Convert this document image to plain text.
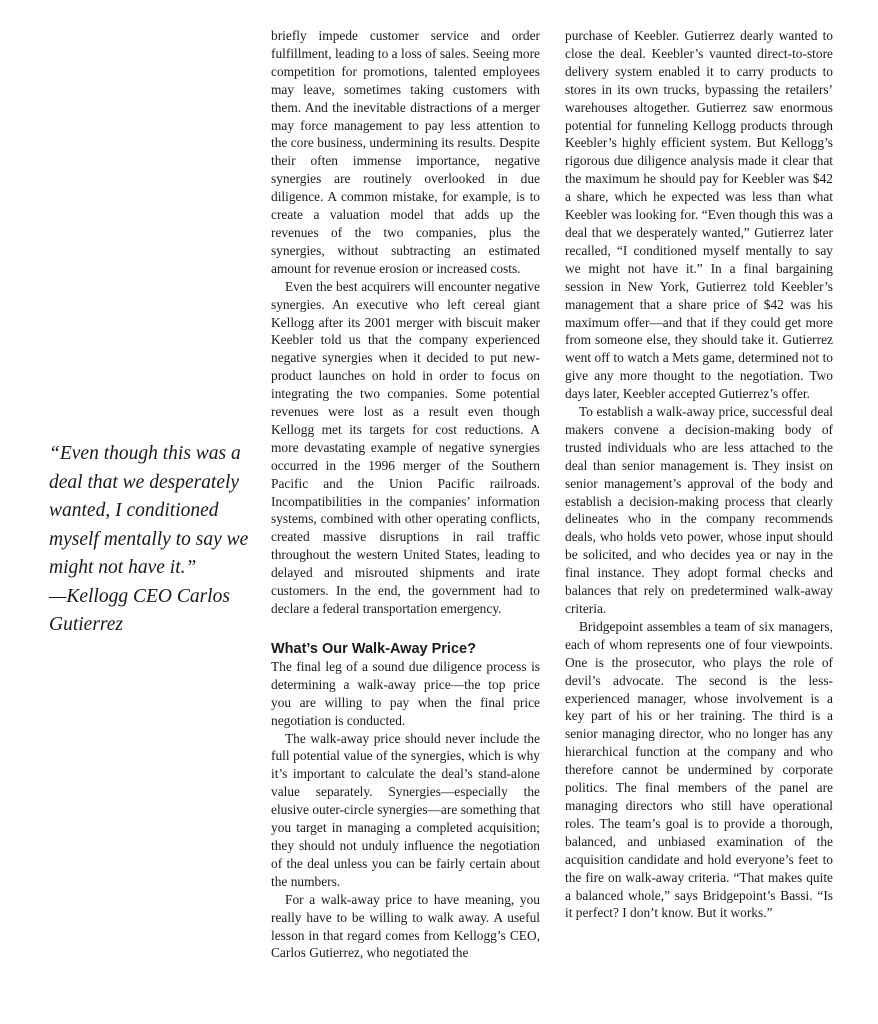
“Even though this was a deal that we desperately wanted, I conditioned myself mentally to say we might not have it.”
—Kellogg CEO Carlos Gutierrez

briefly impede customer service and order fulfillment, leading to a loss of sales. Seeing more competition for promotions, talented employees may leave, sometimes taking customers with them. And the inevitable distractions of a merger may force management to pay less attention to the core business, undermining its results. Despite their often immense importance, negative synergies are routinely overlooked in due diligence. A common mistake, for example, is to create a valuation model that adds up the revenues of the two companies, plus the synergies, without subtracting an estimated amount for revenue erosion or increased costs.

Even the best acquirers will encounter negative synergies. An executive who left cereal giant Kellogg after its 2001 merger with biscuit maker Keebler told us that the company experienced negative synergies when it decided to put new-product launches on hold in order to focus on integrating the two companies. Some potential revenues were lost as a result even though Kellogg met its targets for cost reductions. A more devastating example of negative synergies occurred in the 1996 merger of the Southern Pacific and the Union Pacific railroads. Incompatibilities in the companies’ information systems, combined with other operating conflicts, created massive disruptions in rail traffic throughout the western United States, leading to delayed and misrouted shipments and irate customers. In the end, the government had to declare a federal transportation emergency.

What’s Our Walk-Away Price?

The final leg of a sound due diligence process is determining a walk-away price—the top price you are willing to pay when the final price negotiation is conducted.

The walk-away price should never include the full potential value of the synergies, which is why it’s important to calculate the deal’s stand-alone value separately. Synergies—especially the elusive outer-circle synergies—are something that you target in managing a completed acquisition; they should not unduly influence the negotiation of the deal unless you can be fairly certain about the numbers.

For a walk-away price to have meaning, you really have to be willing to walk away. A useful lesson in that regard comes from Kellogg’s CEO, Carlos Gutierrez, who negotiated the

purchase of Keebler. Gutierrez dearly wanted to close the deal. Keebler’s vaunted direct-to-store delivery system enabled it to carry products to stores in its own trucks, bypassing the retailers’ warehouses altogether. Gutierrez saw enormous potential for funneling Kellogg products through Keebler’s highly efficient system. But Kellogg’s rigorous due diligence analysis made it clear that the maximum he should pay for Keebler was $42 a share, which he expected was less than what Keebler was looking for. “Even though this was a deal that we desperately wanted,” Gutierrez later recalled, “I conditioned myself mentally to say we might not have it.” In a final bargaining session in New York, Gutierrez told Keebler’s management that a share price of $42 was his maximum offer—and that if they could get more from someone else, they should take it. Gutierrez went off to watch a Mets game, determined not to give any more thought to the negotiation. Two days later, Keebler accepted Gutierrez’s offer.

To establish a walk-away price, successful deal makers convene a decision-making body of trusted individuals who are less attached to the deal than senior management is. They insist on senior management’s approval of the body and establish a decision-making process that clearly delineates who in the company recommends deals, who holds veto power, whose input should be solicited, and who decides yea or nay in the final instance. They adopt formal checks and balances that rely on predetermined walk-away criteria.

Bridgepoint assembles a team of six managers, each of whom represents one of four viewpoints. One is the prosecutor, who plays the role of devil’s advocate. The second is the less-experienced manager, whose involvement is a key part of his or her training. The third is a senior managing director, who no longer has any hierarchical function at the company and who therefore cannot be undermined by corporate politics. The final members of the panel are managing directors who still have operational roles. The team’s goal is to provide a thorough, balanced, and unbiased examination of the acquisition candidate and hold everyone’s feet to the fire on walk-away criteria. “That makes quite a balanced whole,” says Bridgepoint’s Bassi. “Is it perfect? I don’t know. But it works.”
